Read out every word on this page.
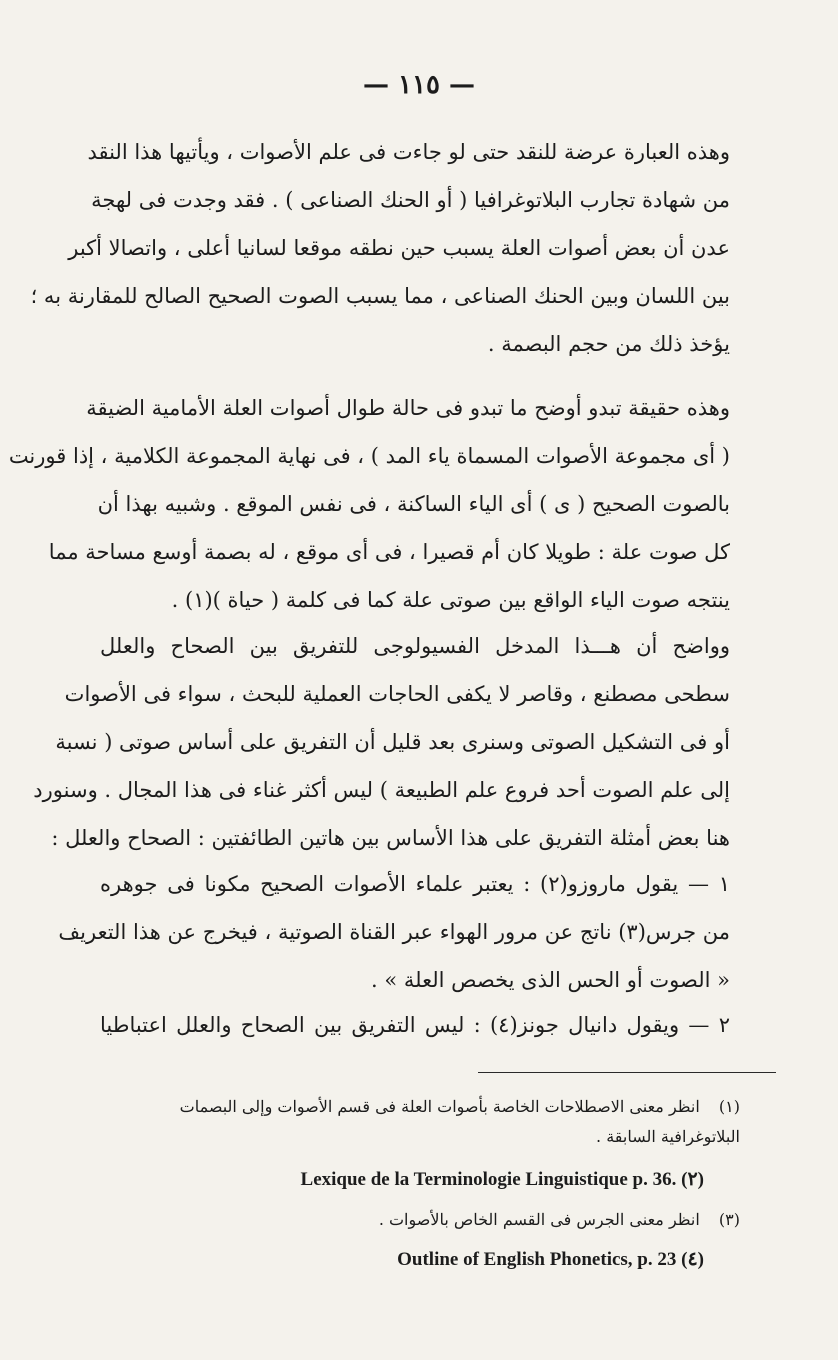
— ١١٥ —
وهذه العبارة عرضة للنقد حتى لو جاءت فى علم الأصوات ، ويأتيها هذا النقد
من شهادة تجارب البلاتوغرافيا ( أو الحنك الصناعى ) . فقد وجدت فى لهجة
عدن أن بعض أصوات العلة يسبب حين نطقه موقعا لسانيا أعلى ، واتصالا أكبر
بين اللسان وبين الحنك الصناعى ، مما يسبب الصوت الصحيح الصالح للمقارنة به ؛
يؤخذ ذلك من حجم البصمة .
وهذه حقيقة تبدو أوضح ما تبدو فى حالة طوال أصوات العلة الأمامية الضيقة
( أى مجموعة الأصوات المسماة ياء المد ) ، فى نهاية المجموعة الكلامية ، إذا قورنت
بالصوت الصحيح ( ى ) أى الياء الساكنة ، فى نفس الموقع . وشبيه بهذا أن
كل صوت علة : طويلا كان أم قصيرا ، فى أى موقع ، له بصمة أوسع مساحة مما
ينتجه صوت الياء الواقع بين صوتى علة كما فى كلمة ( حياة )(١) .
وواضح أن هـــذا المدخل الفسيولوجى للتفريق بين الصحاح والعلل
سطحى مصطنع ، وقاصر لا يكفى الحاجات العملية للبحث ، سواء فى الأصوات
أو فى التشكيل الصوتى وسنرى بعد قليل أن التفريق على أساس صوتى ( نسبة
إلى علم الصوت أحد فروع علم الطبيعة ) ليس أكثر غناء فى هذا المجال . وسنورد
هنا بعض أمثلة التفريق على هذا الأساس بين هاتين الطائفتين : الصحاح والعلل :
١ — يقول ماروزو(٢) : يعتبر علماء الأصوات الصحيح مكونا فى جوهره
من جرس(٣) ناتج عن مرور الهواء عبر القناة الصوتية ، فيخرج عن هذا التعريف
« الصوت أو الحس الذى يخصص العلة » .
٢ — ويقول دانيال جونز(٤) : ليس التفريق بين الصحاح والعلل اعتباطيا
(١) انظر معنى الاصطلاحات الخاصة بأصوات العلة فى قسم الأصوات وإلى البصمات البلاتوغرافية السابقة .
Lexique de la Terminologie Linguistique p. 36. (٢)
(٣) انظر معنى الجرس فى القسم الخاص بالأصوات .
Outline of English Phonetics, p. 23 (٤)
